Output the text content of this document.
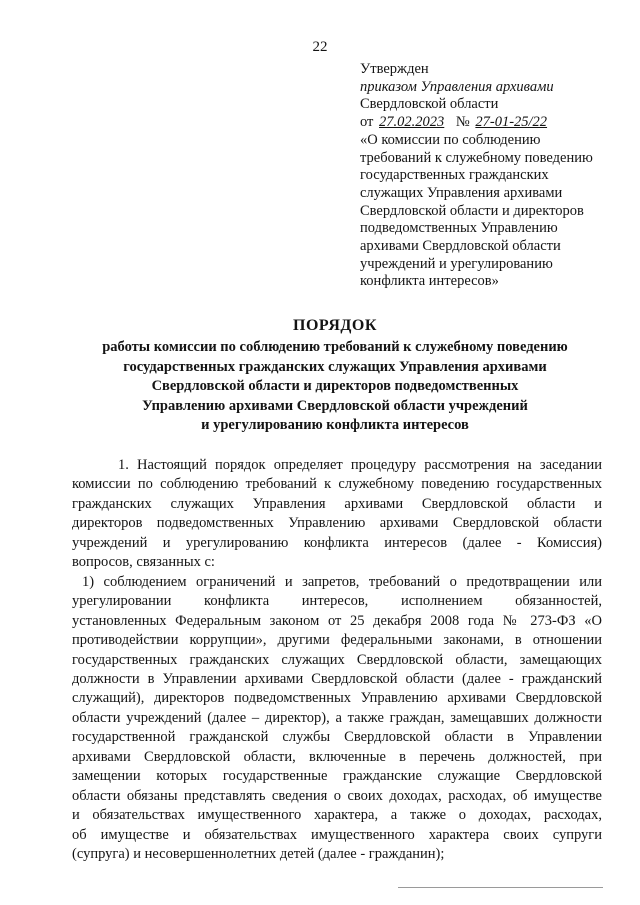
22
Утвержден
приказом Управления архивами
Свердловской области
от 27.02.2023 № 27-01-25/22
«О комиссии по соблюдению
требований к служебному поведению
государственных гражданских
служащих Управления архивами
Свердловской области и директоров
подведомственных Управлению
архивами Свердловской области
учреждений и урегулированию
конфликта интересов»
ПОРЯДОК
работы комиссии по соблюдению требований к служебному поведению
государственных гражданских служащих Управления архивами
Свердловской области и директоров подведомственных
Управлению архивами Свердловской области учреждений
и урегулированию конфликта интересов
1. Настоящий порядок определяет процедуру рассмотрения на заседании
комиссии по соблюдению требований к служебному поведению государственных
гражданских служащих Управления архивами Свердловской области и
директоров подведомственных Управлению архивами Свердловской области
учреждений и урегулированию конфликта интересов (далее - Комиссия)
вопросов, связанных с:
1) соблюдением ограничений и запретов, требований о предотвращении или
урегулировании конфликта интересов, исполнением обязанностей,
установленных Федеральным законом от 25 декабря 2008 года № 273-ФЗ «О
противодействии коррупции», другими федеральными законами, в отношении
государственных гражданских служащих Свердловской области, замещающих
должности в Управлении архивами Свердловской области (далее - гражданский
служащий), директоров подведомственных Управлению архивами Свердловской
области учреждений (далее – директор), а также граждан, замещавших должности
государственной гражданской службы Свердловской области в Управлении
архивами Свердловской области, включенные в перечень должностей, при
замещении которых государственные гражданские служащие Свердловской
области обязаны представлять сведения о своих доходах, расходах, об имуществе
и обязательствах имущественного характера, а также о доходах, расходах,
об имуществе и обязательствах имущественного характера своих супруги
(супруга) и несовершеннолетних детей (далее - гражданин);
